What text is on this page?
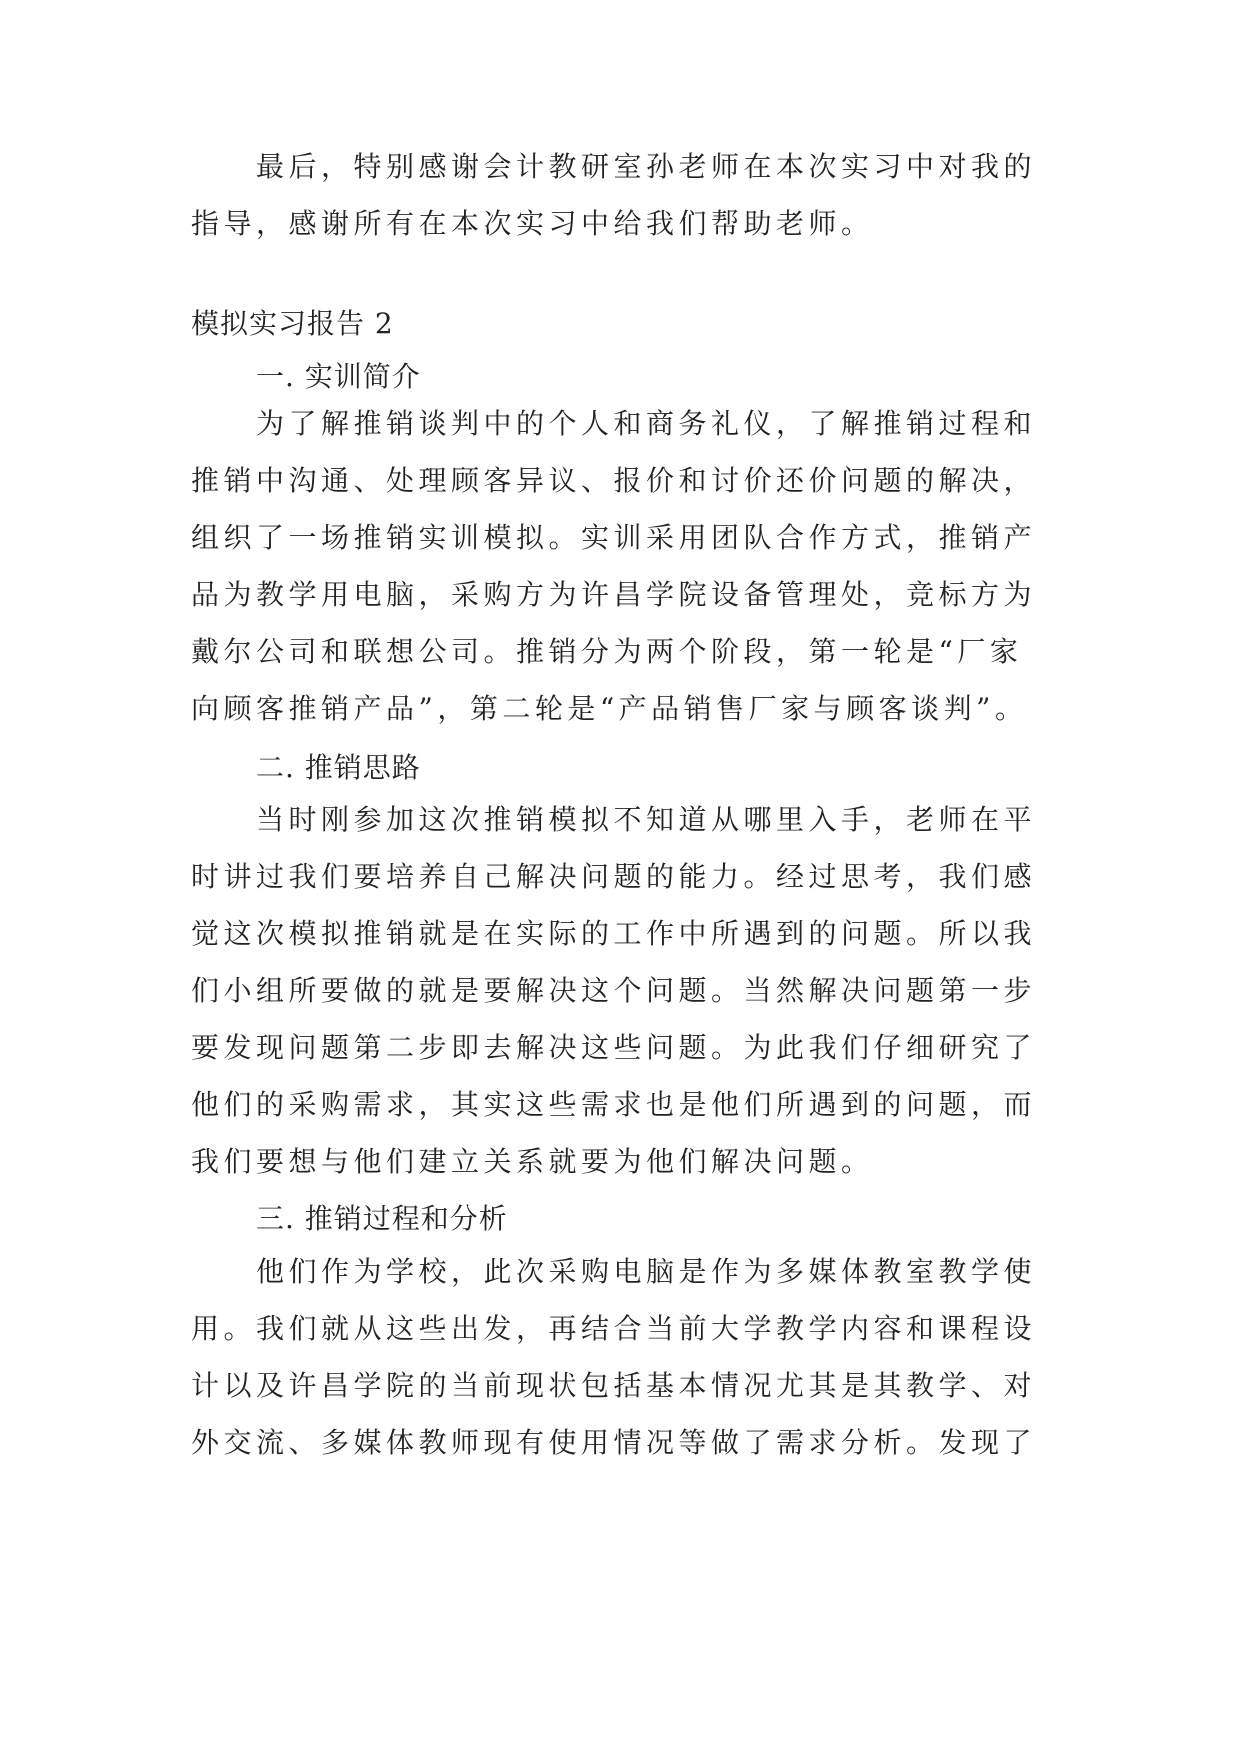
最后，特别感谢会计教研室孙老师在本次实习中对我的
指导，感谢所有在本次实习中给我们帮助老师。
模拟实习报告 2
一. 实训简介
为了解推销谈判中的个人和商务礼仪，了解推销过程和
推销中沟通、处理顾客异议、报价和讨价还价问题的解决，
组织了一场推销实训模拟。实训采用团队合作方式，推销产
品为教学用电脑，采购方为许昌学院设备管理处，竞标方为
戴尔公司和联想公司。推销分为两个阶段，第一轮是“厂家
向顾客推销产品”，第二轮是“产品销售厂家与顾客谈判”。
二. 推销思路
当时刚参加这次推销模拟不知道从哪里入手，老师在平
时讲过我们要培养自己解决问题的能力。经过思考，我们感
觉这次模拟推销就是在实际的工作中所遇到的问题。所以我
们小组所要做的就是要解决这个问题。当然解决问题第一步
要发现问题第二步即去解决这些问题。为此我们仔细研究了
他们的采购需求，其实这些需求也是他们所遇到的问题，而
我们要想与他们建立关系就要为他们解决问题。
三. 推销过程和分析
他们作为学校，此次采购电脑是作为多媒体教室教学使
用。我们就从这些出发，再结合当前大学教学内容和课程设
计以及许昌学院的当前现状包括基本情况尤其是其教学、对
外交流、多媒体教师现有使用情况等做了需求分析。发现了
